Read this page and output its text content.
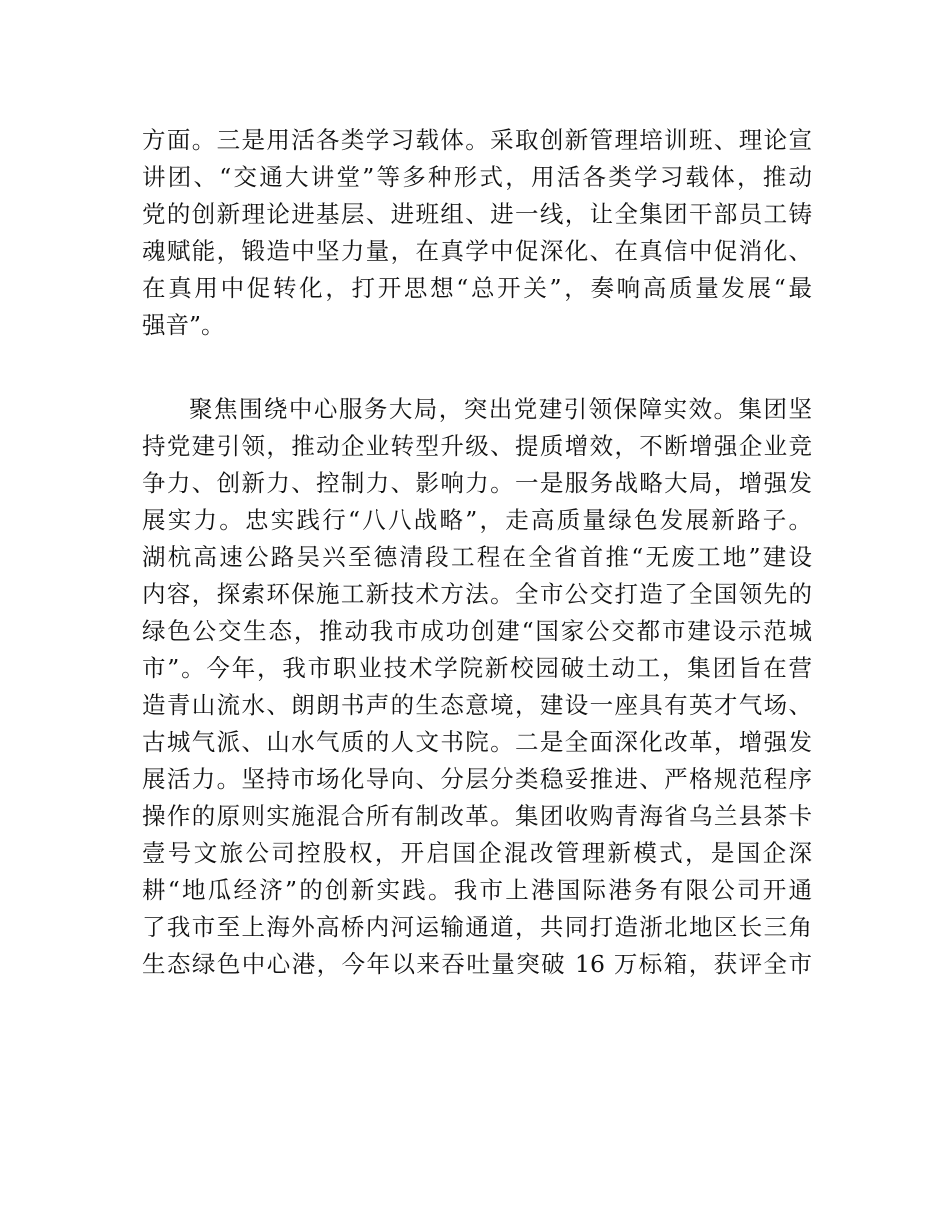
方面。三是用活各类学习载体。采取创新管理培训班、理论宣
讲团、“交通大讲堂”等多种形式，用活各类学习载体，推动
党的创新理论进基层、进班组、进一线，让全集团干部员工铸
魂赋能，锻造中坚力量，在真学中促深化、在真信中促消化、
在真用中促转化，打开思想“总开关”，奏响高质量发展“最
强音”。
聚焦围绕中心服务大局，突出党建引领保障实效。集团坚
持党建引领，推动企业转型升级、提质增效，不断增强企业竞
争力、创新力、控制力、影响力。一是服务战略大局，增强发
展实力。忠实践行“八八战略”，走高质量绿色发展新路子。
湖杭高速公路吴兴至德清段工程在全省首推“无废工地”建设
内容，探索环保施工新技术方法。全市公交打造了全国领先的
绿色公交生态，推动我市成功创建“国家公交都市建设示范城
市”。今年，我市职业技术学院新校园破土动工，集团旨在营
造青山流水、朗朗书声的生态意境，建设一座具有英才气场、
古城气派、山水气质的人文书院。二是全面深化改革，增强发
展活力。坚持市场化导向、分层分类稳妥推进、严格规范程序
操作的原则实施混合所有制改革。集团收购青海省乌兰县茶卡
壹号文旅公司控股权，开启国企混改管理新模式，是国企深
耕“地瓜经济”的创新实践。我市上港国际港务有限公司开通
了我市至上海外高桥内河运输通道，共同打造浙北地区长三角
生态绿色中心港，今年以来吞吐量突破 16 万标箱，获评全市
